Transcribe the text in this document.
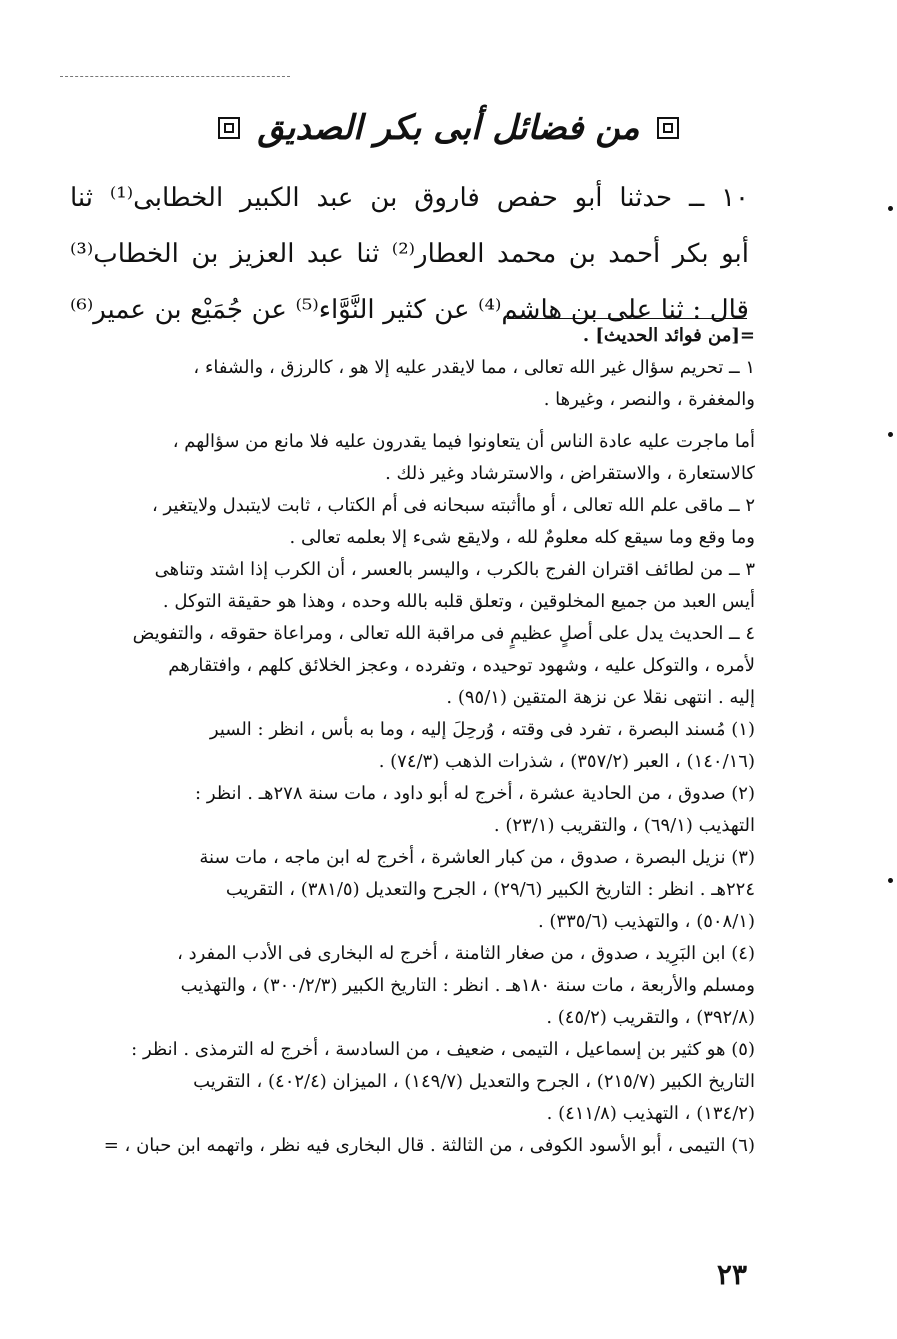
من فضائل أبى بكر الصديق
١٠ ــ حدثنا أبو حفص فاروق بن عبد الكبير الخطابى⁽¹⁾ ثنا
أبو بكر أحمد بن محمد العطار⁽²⁾ ثنا عبد العزيز بن الخطاب⁽³⁾
قال : ثنا على بن هاشم⁽⁴⁾ عن كثير النَّوَّاء⁽⁵⁾ عن جُمَيْع بن عمير⁽⁶⁾
=[من فوائد الحديث] .
١ ــ تحريم سؤال غير الله تعالى ، مما لايقدر عليه إلا هو ، كالرزق ، والشفاء ،
والمغفرة ، والنصر ، وغيرها .
أما ماجرت عليه عادة الناس أن يتعاونوا فيما يقدرون عليه فلا مانع من سؤالهم ،
كالاستعارة ، والاستقراض ، والاسترشاد وغير ذلك .
٢ ــ ماقى علم الله تعالى ، أو ماأثبته سبحانه فى أم الكتاب ، ثابت لايتبدل ولايتغير ،
وما وقع وما سيقع كله معلومٌ لله ، ولايقع شىء إلا بعلمه تعالى .
٣ ــ من لطائف اقتران الفرج بالكرب ، واليسر بالعسر ، أن الكرب إذا اشتد وتناهى
أيس العبد من جميع المخلوقين ، وتعلق قلبه بالله وحده ، وهذا هو حقيقة التوكل .
٤ ــ الحديث يدل على أصلٍ عظيمٍ فى مراقبة الله تعالى ، ومراعاة حقوقه ، والتفويض
لأمره ، والتوكل عليه ، وشهود توحيده ، وتفرده ، وعجز الخلائق كلهم ، وافتقارهم
إليه . انتهى نقلا عن نزهة المتقين (٩٥/١) .
(١) مُسند البصرة ، تفرد فى وقته ، وُرحِلَ إليه ، وما به بأس ، انظر : السير
(١٤٠/١٦) ، العبر (٣٥٧/٢) ، شذرات الذهب (٧٤/٣) .
(٢) صدوق ، من الحادية عشرة ، أخرج له أبو داود ، مات سنة ٢٧٨هـ . انظر :
التهذيب (٦٩/١) ، والتقريب (٢٣/١) .
(٣) نزيل البصرة ، صدوق ، من كبار العاشرة ، أخرج له ابن ماجه ، مات سنة
٢٢٤هـ . انظر : التاريخ الكبير (٢٩/٦) ، الجرح والتعديل (٣٨١/٥) ، التقريب
(٥٠٨/١) ، والتهذيب (٣٣٥/٦) .
(٤) ابن البَرِيد ، صدوق ، من صغار الثامنة ، أخرج له البخارى فى الأدب المفرد ،
ومسلم والأربعة ، مات سنة ١٨٠هـ . انظر : التاريخ الكبير (٣٠٠/٢/٣) ، والتهذيب
(٣٩٢/٨) ، والتقريب (٤٥/٢) .
(٥) هو كثير بن إسماعيل ، التيمى ، ضعيف ، من السادسة ، أخرج له الترمذى . انظر :
التاريخ الكبير (٢١٥/٧) ، الجرح والتعديل (١٤٩/٧) ، الميزان (٤٠٢/٤) ، التقريب
(١٣٤/٢) ، التهذيب (٤١١/٨) .
(٦) التيمى ، أبو الأسود الكوفى ، من الثالثة . قال البخارى فيه نظر ، واتهمه ابن حبان ، =
٢٣
